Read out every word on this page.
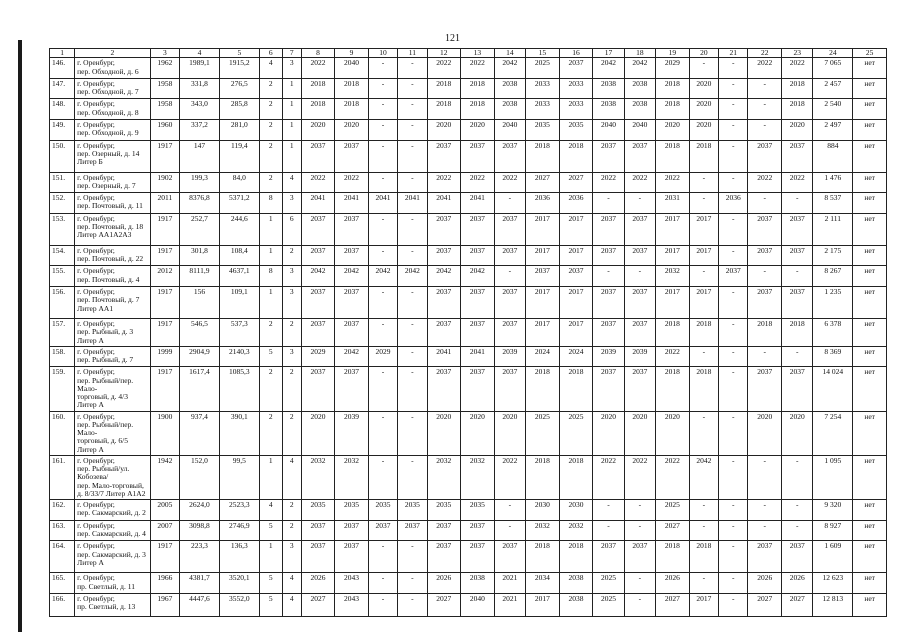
121
1	2	3	4	5	6	7	8	9	10	11	12	13	14	15	16	17	18	19	20	21	22	23	24	25
146.	г. Оренбург,
пер. Обходной, д. 6	1962	1989,1	1915,2	4	3	2022	2040	-	-	2022	2022	2042	2025	2037	2042	2042	2029	-	-	2022	2022	7 065	нет
147.	г. Оренбург,
пер. Обходной, д. 7	1958	331,8	276,5	2	1	2018	2018	-	-	2018	2018	2038	2033	2033	2038	2038	2018	2020	-	-	2018	2 457	нет
148.	г. Оренбург,
пер. Обходной, д. 8	1958	343,0	285,8	2	1	2018	2018	-	-	2018	2018	2038	2033	2033	2038	2038	2018	2020	-	-	2018	2 540	нет
149.	г. Оренбург,
пер. Обходной, д. 9	1960	337,2	281,0	2	1	2020	2020	-	-	2020	2020	2040	2035	2035	2040	2040	2020	2020	-	-	2020	2 497	нет
150.	г. Оренбург,
пер. Озерный, д. 14
Литер Б	1917	147	119,4	2	1	2037	2037	-	-	2037	2037	2037	2018	2018	2037	2037	2018	2018	-	2037	2037	884	нет
151.	г. Оренбург,
пер. Озерный, д. 7	1902	199,3	84,0	2	4	2022	2022	-	-	2022	2022	2022	2027	2027	2022	2022	2022	-	-	2022	2022	1 476	нет
152.	г. Оренбург,
пер. Почтовый, д. 11	2011	8376,8	5371,2	8	3	2041	2041	2041	2041	2041	2041	-	2036	2036	-	-	2031	-	2036	-	-	8 537	нет
153.	г. Оренбург,
пер. Почтовый, д. 18
Литер АА1А2А3	1917	252,7	244,6	1	6	2037	2037	-	-	2037	2037	2037	2017	2017	2037	2037	2017	2017	-	2037	2037	2 111	нет
154.	г. Оренбург,
пер. Почтовый, д. 22	1917	301,8	108,4	1	2	2037	2037	-	-	2037	2037	2037	2017	2017	2037	2037	2017	2017	-	2037	2037	2 175	нет
155.	г. Оренбург,
пер. Почтовый, д. 4	2012	8111,9	4637,1	8	3	2042	2042	2042	2042	2042	2042	-	2037	2037	-	-	2032	-	2037	-	-	8 267	нет
156.	г. Оренбург,
пер. Почтовый, д. 7
Литер АА1	1917	156	109,1	1	3	2037	2037	-	-	2037	2037	2037	2017	2017	2037	2037	2017	2017	-	2037	2037	1 235	нет
157.	г. Оренбург,
пер. Рыбный, д. 3 Литер А	1917	546,5	537,3	2	2	2037	2037	-	-	2037	2037	2037	2017	2017	2037	2037	2018	2018	-	2018	2018	6 378	нет
158.	г. Оренбург,
пер. Рыбный, д. 7	1999	2904,9	2140,3	5	3	2029	2042	2029	-	2041	2041	2039	2024	2024	2039	2039	2022	-	-	-	-	8 369	нет
159.	г. Оренбург,
пер. Рыбный/пер. Мало-
торговый, д. 4/3 Литер А	1917	1617,4	1085,3	2	2	2037	2037	-	-	2037	2037	2037	2018	2018	2037	2037	2018	2018	-	2037	2037	14 024	нет
160.	г. Оренбург,
пер. Рыбный/пер. Мало-
торговый, д. 6/5 Литер А	1900	937,4	390,1	2	2	2020	2039	-	-	2020	2020	2020	2025	2025	2020	2020	2020	-	-	2020	2020	7 254	нет
161.	г. Оренбург,
пер. Рыбный/ул. Кобозева/
пер. Мало-торговый,
д. 8/33/7 Литер А1А2	1942	152,0	99,5	1	4	2032	2032	-	-	2032	2032	2022	2018	2018	2022	2022	2022	2042	-	-	-	1 095	нет
162.	г. Оренбург,
пер. Сакмарский, д. 2	2005	2624,0	2523,3	4	2	2035	2035	2035	2035	2035	2035	-	2030	2030	-	-	2025	-	-	-	-	9 320	нет
163.	г. Оренбург,
пер. Сакмарский, д. 4	2007	3098,8	2746,9	5	2	2037	2037	2037	2037	2037	2037	-	2032	2032	-	-	2027	-	-	-	-	8 927	нет
164.	г. Оренбург,
пер. Сакмарский, д. 3
Литер А	1917	223,3	136,3	1	3	2037	2037	-	-	2037	2037	2037	2018	2018	2037	2037	2018	2018	-	2037	2037	1 609	нет
165.	г. Оренбург,
пр. Светлый, д. 11	1966	4381,7	3520,1	5	4	2026	2043	-	-	2026	2038	2021	2034	2038	2025	-	2026	-	-	2026	2026	12 623	нет
166.	г. Оренбург,
пр. Светлый, д. 13	1967	4447,6	3552,0	5	4	2027	2043	-	-	2027	2040	2021	2017	2038	2025	-	2027	2017	-	2027	2027	12 813	нет
